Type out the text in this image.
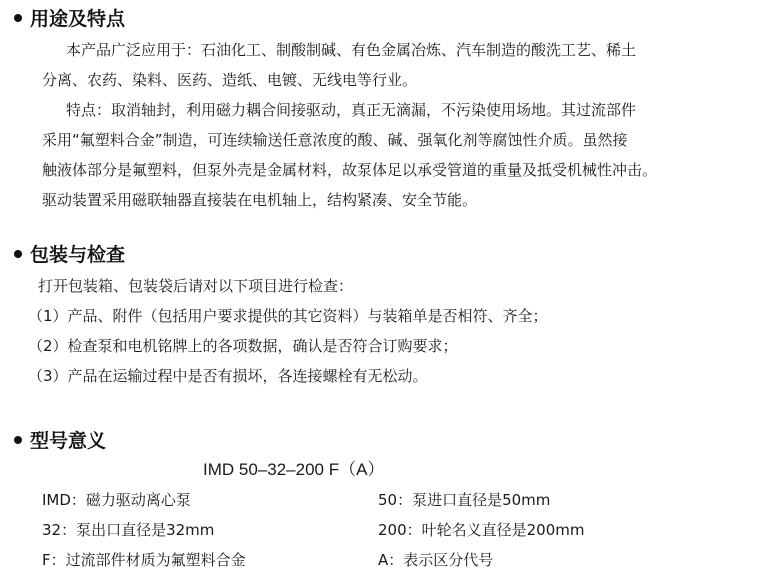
用途及特点
本产品广泛应用于：石油化工、制酸制碱、有色金属冶炼、汽车制造的酸洗工艺、稀土
分离、农药、染料、医药、造纸、电镀、无线电等行业。
特点：取消轴封，利用磁力耦合间接驱动，真正无滴漏，不污染使用场地。其过流部件
采用“氟塑料合金”制造，可连续输送任意浓度的酸、碱、强氧化剂等腐蚀性介质。虽然接
触液体部分是氟塑料，但泵外壳是金属材料，故泵体足以承受管道的重量及抵受机械性冲击。
驱动装置采用磁联轴器直接装在电机轴上，结构紧凑、安全节能。
包装与检查
打开包装箱、包装袋后请对以下项目进行检查：
（1）产品、附件（包括用户要求提供的其它资料）与装箱单是否相符、齐全；
（2）检查泵和电机铭牌上的各项数据，确认是否符合订购要求；
（3）产品在运输过程中是否有损坏，各连接螺栓有无松动。
型号意义
IMD 50–32–200 F（A）
IMD：磁力驱动离心泵	50：泵进口直径是50mm
32：泵出口直径是32mm	200：叶轮名义直径是200mm
F：过流部件材质为氟塑料合金	A：表示区分代号
